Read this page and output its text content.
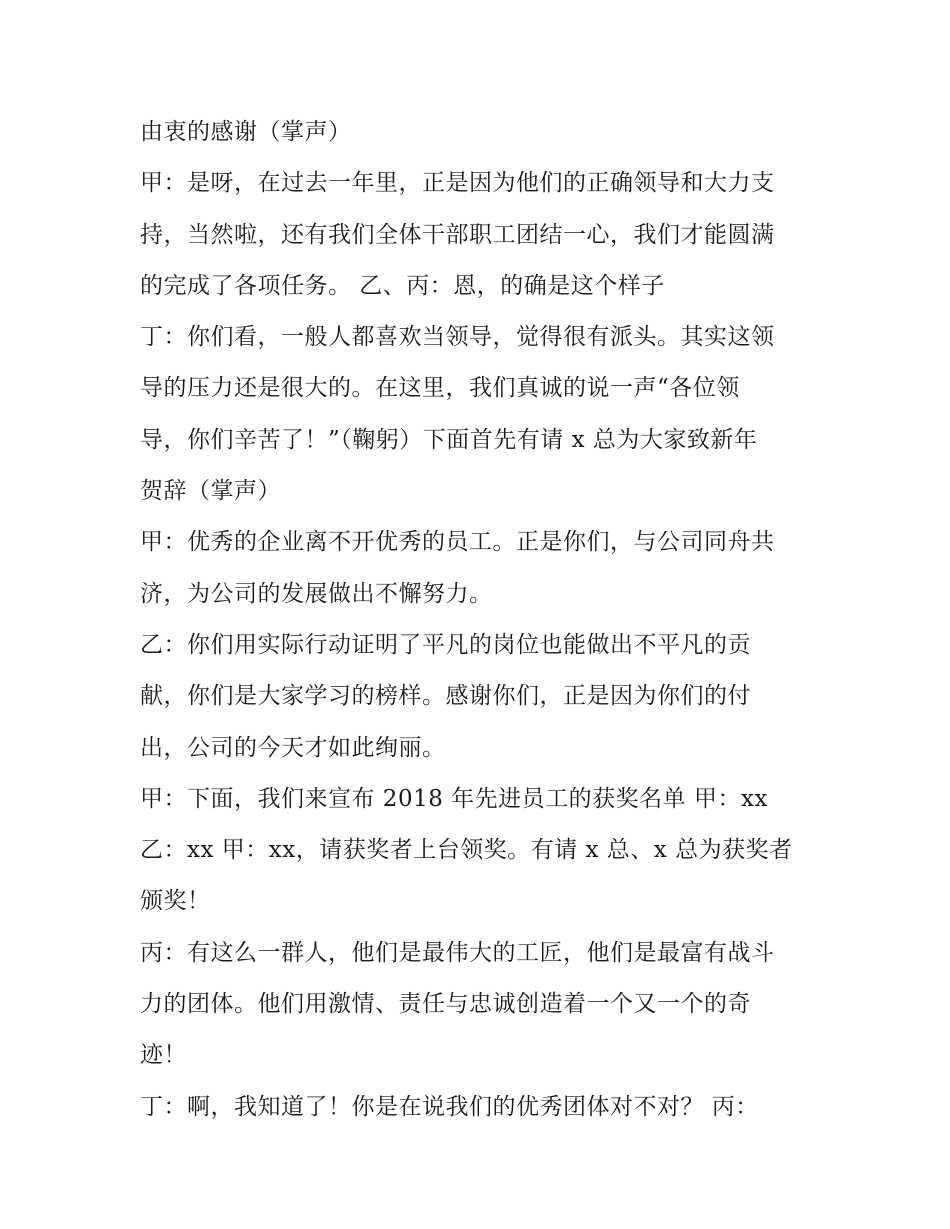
由衷的感谢（掌声）
甲：是呀，在过去一年里，正是因为他们的正确领导和大力支
持，当然啦，还有我们全体干部职工团结一心，我们才能圆满
的完成了各项任务。 乙、丙：恩，的确是这个样子
丁：你们看，一般人都喜欢当领导，觉得很有派头。其实这领
导的压力还是很大的。在这里，我们真诚的说一声“各位领
导，你们辛苦了！”（鞠躬）下面首先有请 x 总为大家致新年
贺辞（掌声）
甲：优秀的企业离不开优秀的员工。正是你们，与公司同舟共
济，为公司的发展做出不懈努力。
乙：你们用实际行动证明了平凡的岗位也能做出不平凡的贡
献，你们是大家学习的榜样。感谢你们，正是因为你们的付
出，公司的今天才如此绚丽。
甲：下面，我们来宣布 2018 年先进员工的获奖名单 甲：xx
乙：xx 甲：xx，请获奖者上台领奖。有请 x 总、x 总为获奖者
颁奖！
丙：有这么一群人，他们是最伟大的工匠，他们是最富有战斗
力的团体。他们用激情、责任与忠诚创造着一个又一个的奇
迹！
丁：啊，我知道了！你是在说我们的优秀团体对不对？ 丙：
